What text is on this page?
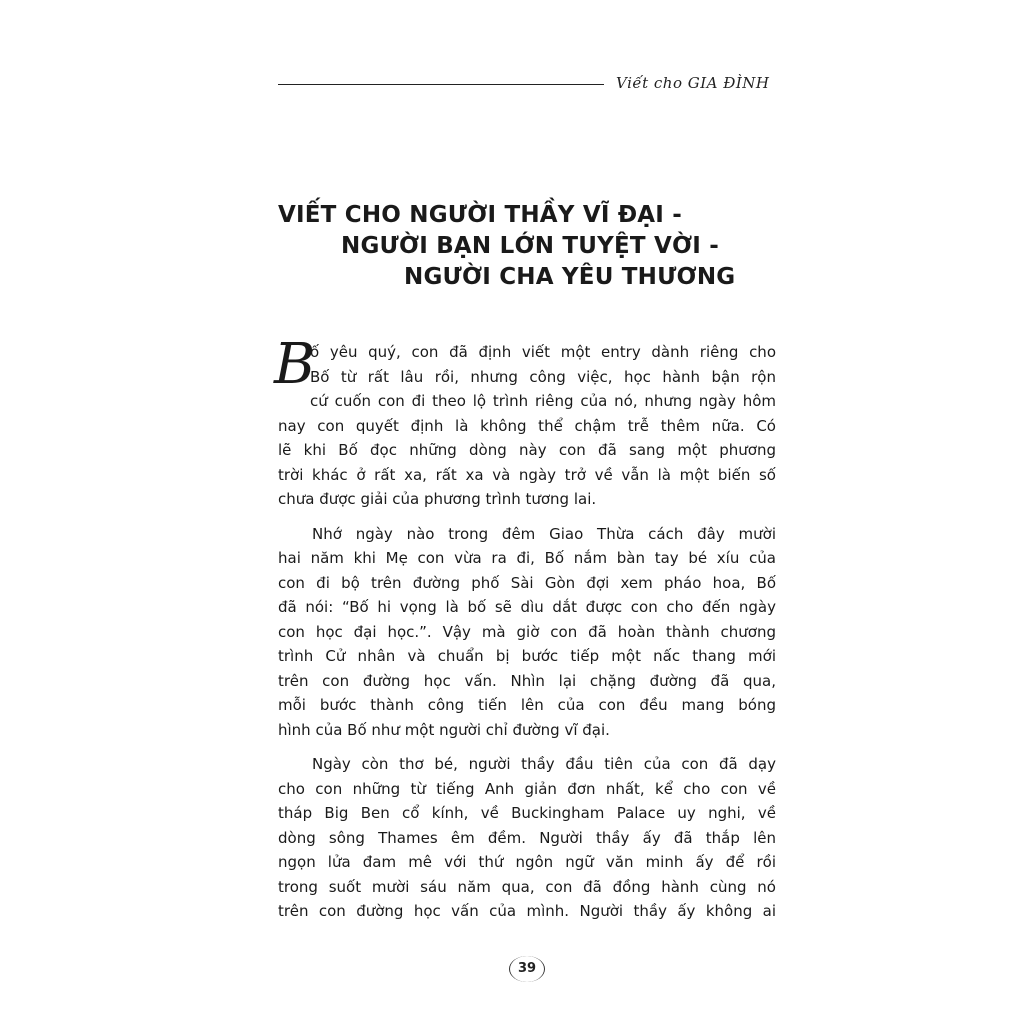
Viết cho GIA ĐÌNH
VIẾT CHO NGƯỜI THẦY VĨ ĐẠI -
NGƯỜI BẠN LỚN TUYỆT VỜI -
NGƯỜI CHA YÊU THƯƠNG
B
ố yêu quý, con đã định viết một entry dành riêng cho
Bố từ rất lâu rồi, nhưng công việc, học hành bận rộn
cứ cuốn con đi theo lộ trình riêng của nó, nhưng ngày hôm
nay con quyết định là không thể chậm trễ thêm nữa. Có
lẽ khi Bố đọc những dòng này con đã sang một phương
trời khác ở rất xa, rất xa và ngày trở về vẫn là một biến số
chưa được giải của phương trình tương lai.
Nhớ ngày nào trong đêm Giao Thừa cách đây mười
hai năm khi Mẹ con vừa ra đi, Bố nắm bàn tay bé xíu của
con đi bộ trên đường phố Sài Gòn đợi xem pháo hoa, Bố
đã nói: “Bố hi vọng là bố sẽ dìu dắt được con cho đến ngày
con học đại học.”. Vậy mà giờ con đã hoàn thành chương
trình Cử nhân và chuẩn bị bước tiếp một nấc thang mới
trên con đường học vấn. Nhìn lại chặng đường đã qua,
mỗi bước thành công tiến lên của con đều mang bóng
hình của Bố như một người chỉ đường vĩ đại.
Ngày còn thơ bé, người thầy đầu tiên của con đã dạy
cho con những từ tiếng Anh giản đơn nhất, kể cho con về
tháp Big Ben cổ kính, về Buckingham Palace uy nghi, về
dòng sông Thames êm đềm. Người thầy ấy đã thắp lên
ngọn lửa đam mê với thứ ngôn ngữ văn minh ấy để rồi
trong suốt mười sáu năm qua, con đã đồng hành cùng nó
trên con đường học vấn của mình. Người thầy ấy không ai
39
